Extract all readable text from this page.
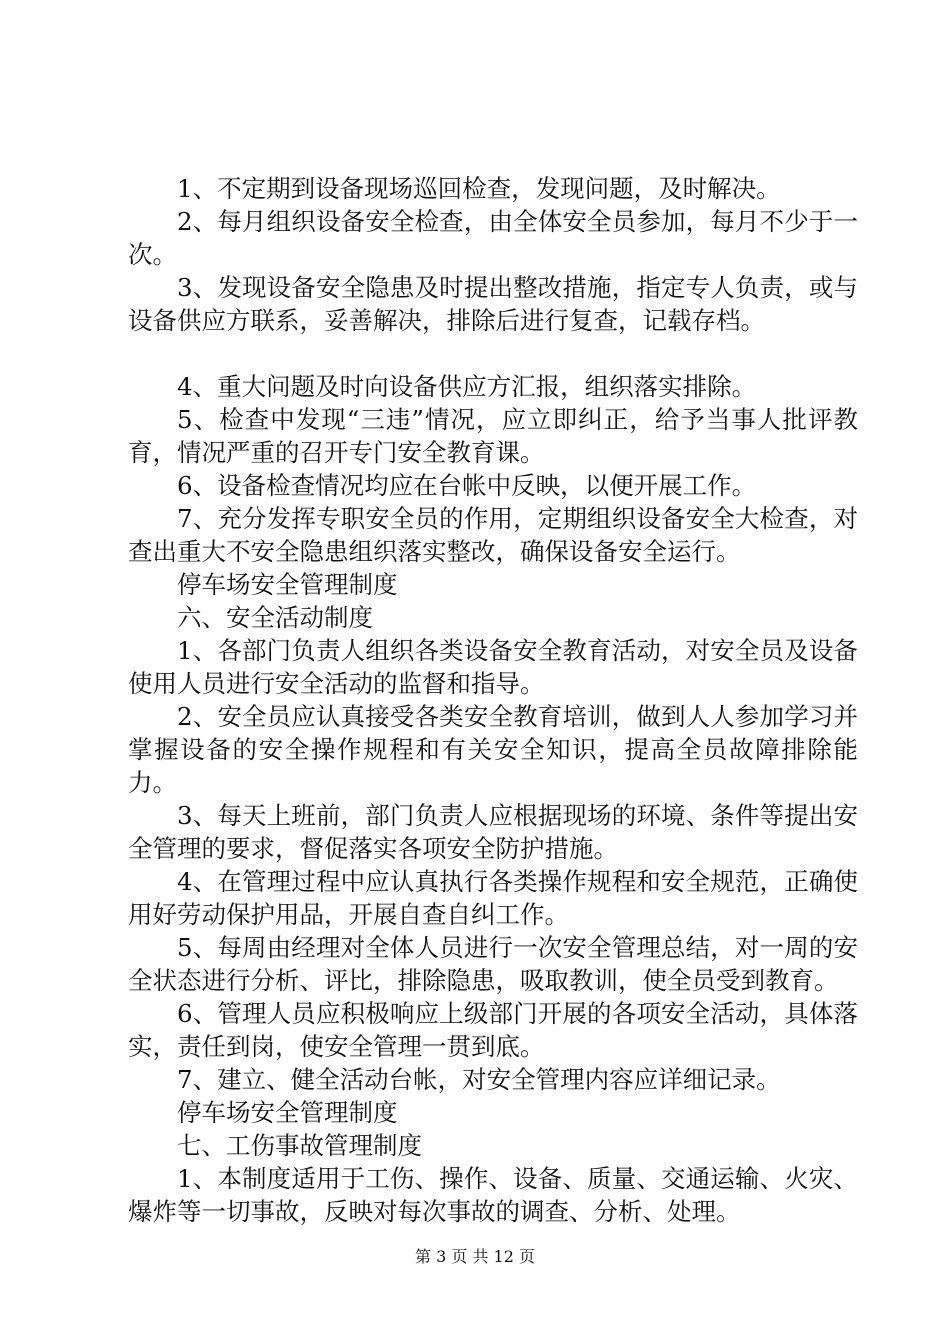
1、不定期到设备现场巡回检查，发现问题，及时解决。

2、每月组织设备安全检查，由全体安全员参加，每月不少于一次。

3、发现设备安全隐患及时提出整改措施，指定专人负责，或与设备供应方联系，妥善解决，排除后进行复查，记载存档。

4、重大问题及时向设备供应方汇报，组织落实排除。

5、检查中发现“三违”情况，应立即纠正，给予当事人批评教育，情况严重的召开专门安全教育课。

6、设备检查情况均应在台帐中反映，以便开展工作。

7、充分发挥专职安全员的作用，定期组织设备安全大检查，对查出重大不安全隐患组织落实整改，确保设备安全运行。

停车场安全管理制度

六、安全活动制度

1、各部门负责人组织各类设备安全教育活动，对安全员及设备使用人员进行安全活动的监督和指导。

2、安全员应认真接受各类安全教育培训，做到人人参加学习并掌握设备的安全操作规程和有关安全知识，提高全员故障排除能力。

3、每天上班前，部门负责人应根据现场的环境、条件等提出安全管理的要求，督促落实各项安全防护措施。

4、在管理过程中应认真执行各类操作规程和安全规范，正确使用好劳动保护用品，开展自查自纠工作。

5、每周由经理对全体人员进行一次安全管理总结，对一周的安全状态进行分析、评比，排除隐患，吸取教训，使全员受到教育。

6、管理人员应积极响应上级部门开展的各项安全活动，具体落实，责任到岗，使安全管理一贯到底。

7、建立、健全活动台帐，对安全管理内容应详细记录。

停车场安全管理制度

七、工伤事故管理制度

1、本制度适用于工伤、操作、设备、质量、交通运输、火灾、爆炸等一切事故，反映对每次事故的调查、分析、处理。

第 3 页 共 12 页
